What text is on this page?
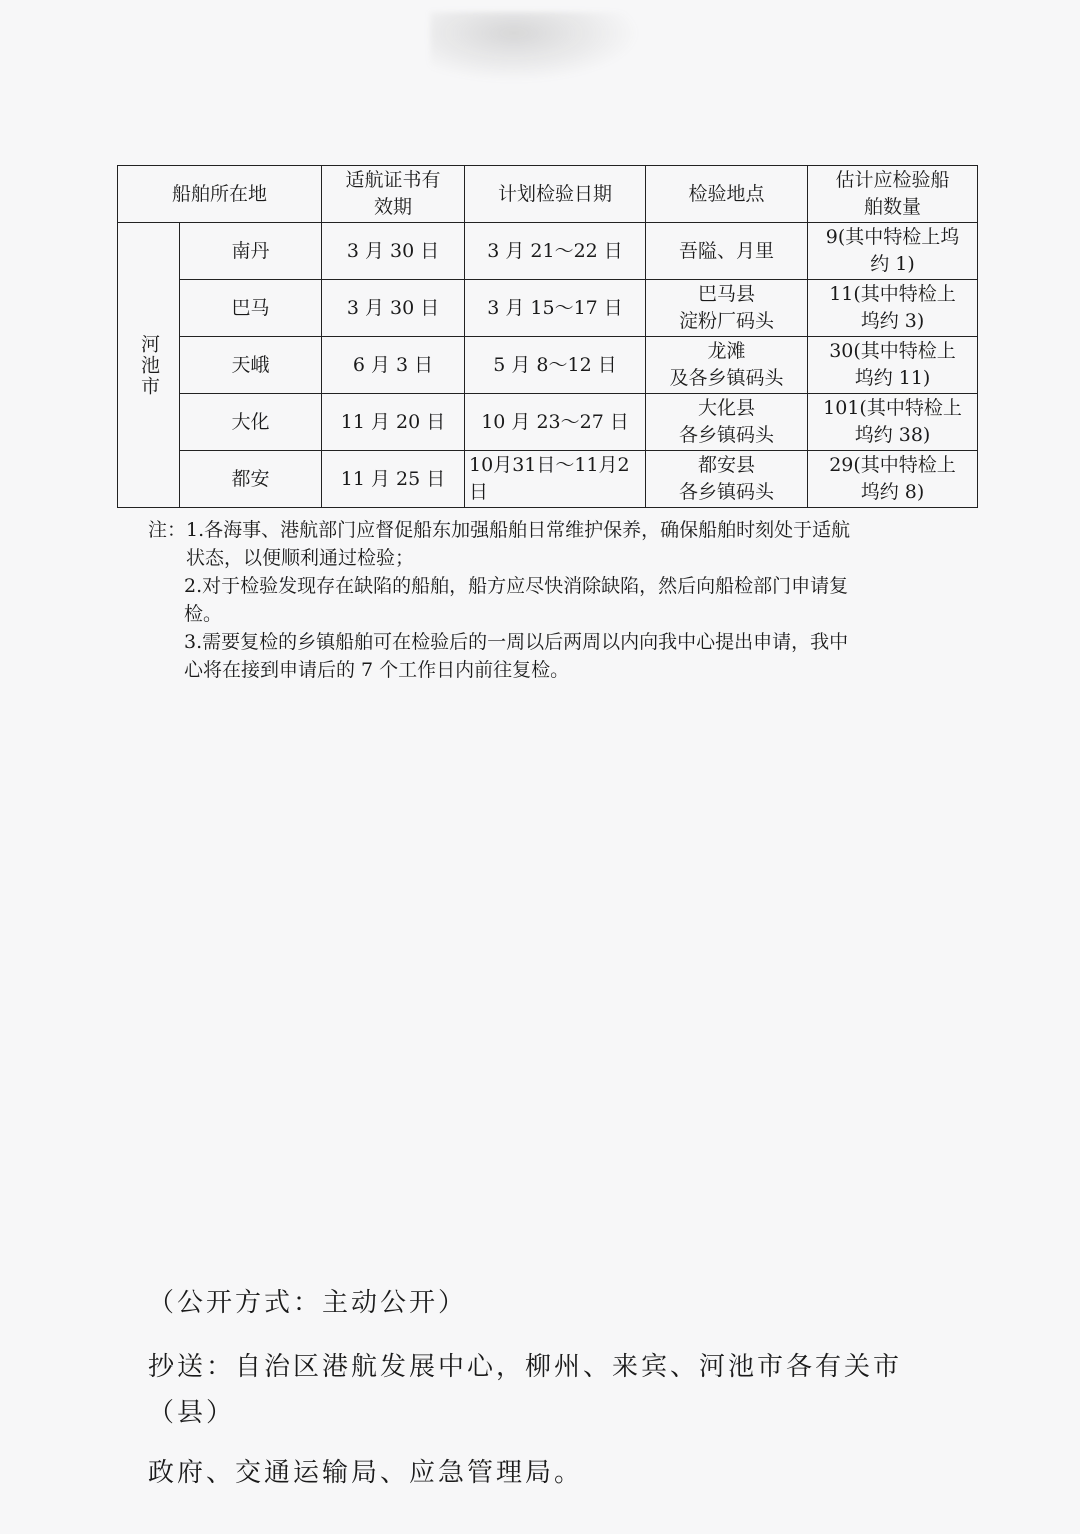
船舶所在地		适航证书有
效期	计划检验日期	检验地点	估计应检验船
舶数量

河池市	南丹	3 月 30 日	3 月 21～22 日	吾隘、月里	9(其中特检上坞
约 1)

	巴马	3 月 30 日	3 月 15～17 日	巴马县
淀粉厂码头	11(其中特检上
坞约 3)

	天峨	6 月 3 日	5 月 8～12 日	龙滩
及各乡镇码头	30(其中特检上
坞约 11)

	大化	11 月 20 日	10 月 23～27 日	大化县
各乡镇码头	101(其中特检上
坞约 38)

	都安	11 月 25 日	10月31日～11月2
日	都安县
各乡镇码头	29(其中特检上
坞约 8)
注： 1.各海事、港航部门应督促船东加强船舶日常维护保养，确保船舶时刻处于适航
状态，以便顺利通过检验；
2.对于检验发现存在缺陷的船舶，船方应尽快消除缺陷，然后向船检部门申请复
检。
3.需要复检的乡镇船舶可在检验后的一周以后两周以内向我中心提出申请，我中
心将在接到申请后的 7 个工作日内前往复检。
（公开方式：主动公开）
抄送：自治区港航发展中心，柳州、来宾、河池市各有关市（县）
政府、交通运输局、应急管理局。
